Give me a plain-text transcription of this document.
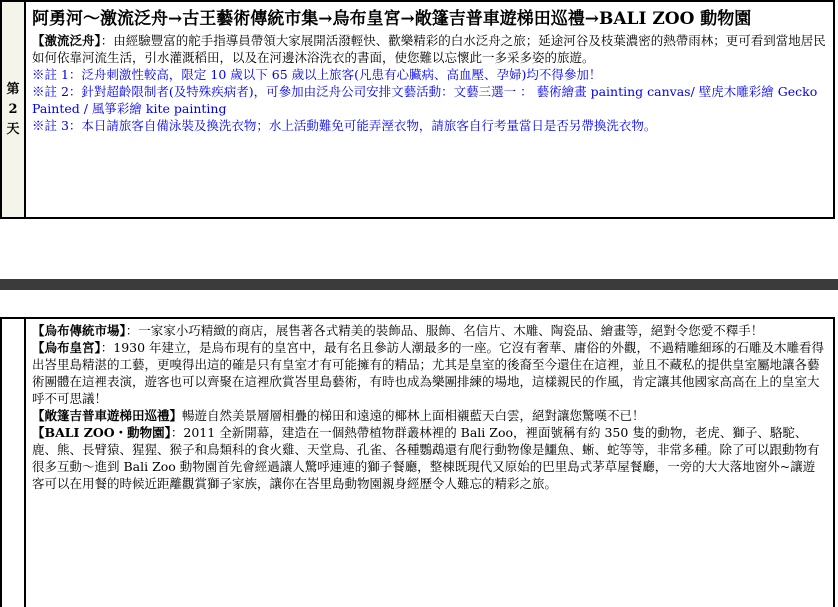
第
2
天
阿勇河～激流泛舟→古王藝術傳統市集→烏布皇宮→敞篷吉普車遊梯田巡禮→BALI ZOO 動物園

【激流泛舟】：由經驗豐富的舵手指導員帶領大家展開活潑輕快、歡樂精彩的白水泛舟之旅；延途河谷及枝葉濃密的熱帶雨林；更可看到當地居民如何依靠河流生活，引水灌溉稻田，以及在河邊沐浴洗衣的書面，使您難以忘懷此一多采多姿的旅遊。

※註 1：泛舟刺激性較高，限定 10 歲以下 65 歲以上旅客(凡患有心臟病、高血壓、孕婦)均不得參加！

※註 2：針對超齡限制者(及特殊疾病者)，可參加由泛舟公司安排文藝活動：文藝三選一 ： 藝術繪畫 painting canvas/ 壁虎木雕彩繪 Gecko Painted / 風箏彩繪 kite painting

※註 3：本日請旅客自備泳裝及換洗衣物；水上活動難免可能弄溼衣物，請旅客自行考量當日是否另帶換洗衣物。

【烏布傳統市場】：一家家小巧精緻的商店，展售著各式精美的裝飾品、服飾、名信片、木雕、陶瓷品、繪畫等，絕對令您愛不釋手！

【烏布皇宮】：1930 年建立，是烏布現有的皇宮中，最有名且參訪人潮最多的一座。它沒有奢華、庸俗的外觀，不過精雕細琢的石雕及木雕看得出峇里島精湛的工藝，更嗅得出這的確是只有皇室才有可能擁有的精品；尤其是皇室的後裔至今還住在這裡，並且不藏私的提供皇室屬地讓各藝術團體在這裡表演，遊客也可以齊聚在這裡欣賞峇里島藝術，有時也成為樂團排練的場地，這樣親民的作風，肯定讓其他國家高高在上的皇室大呼不可思議！

【敞篷吉普車遊梯田巡禮】暢遊自然美景層層相疊的梯田和遠遠的椰林上面相襯藍天白雲，絕對讓您驚嘆不已！

【BALI ZOO・動物園】：2011 全新開幕，建造在一個熱帶植物群叢林裡的 Bali Zoo，裡面號稱有約 350 隻的動物，老虎、獅子、駱駝、鹿、熊、長臂猿、猩猩、猴子和鳥類科的食火雞、天堂鳥、孔雀、各種鸚鵡還有爬行動物像是鱷魚、蜥、蛇等等，非常多種。除了可以跟動物有很多互動～進到 Bali Zoo 動物園首先會經過讓人驚呼連連的獅子餐廳，整棟既現代又原始的巴里島式茅草屋餐廳，一旁的大大落地窗外~讓遊客可以在用餐的時候近距離觀賞獅子家族，讓你在峇里島動物園親身經歷令人難忘的精彩之旅。
